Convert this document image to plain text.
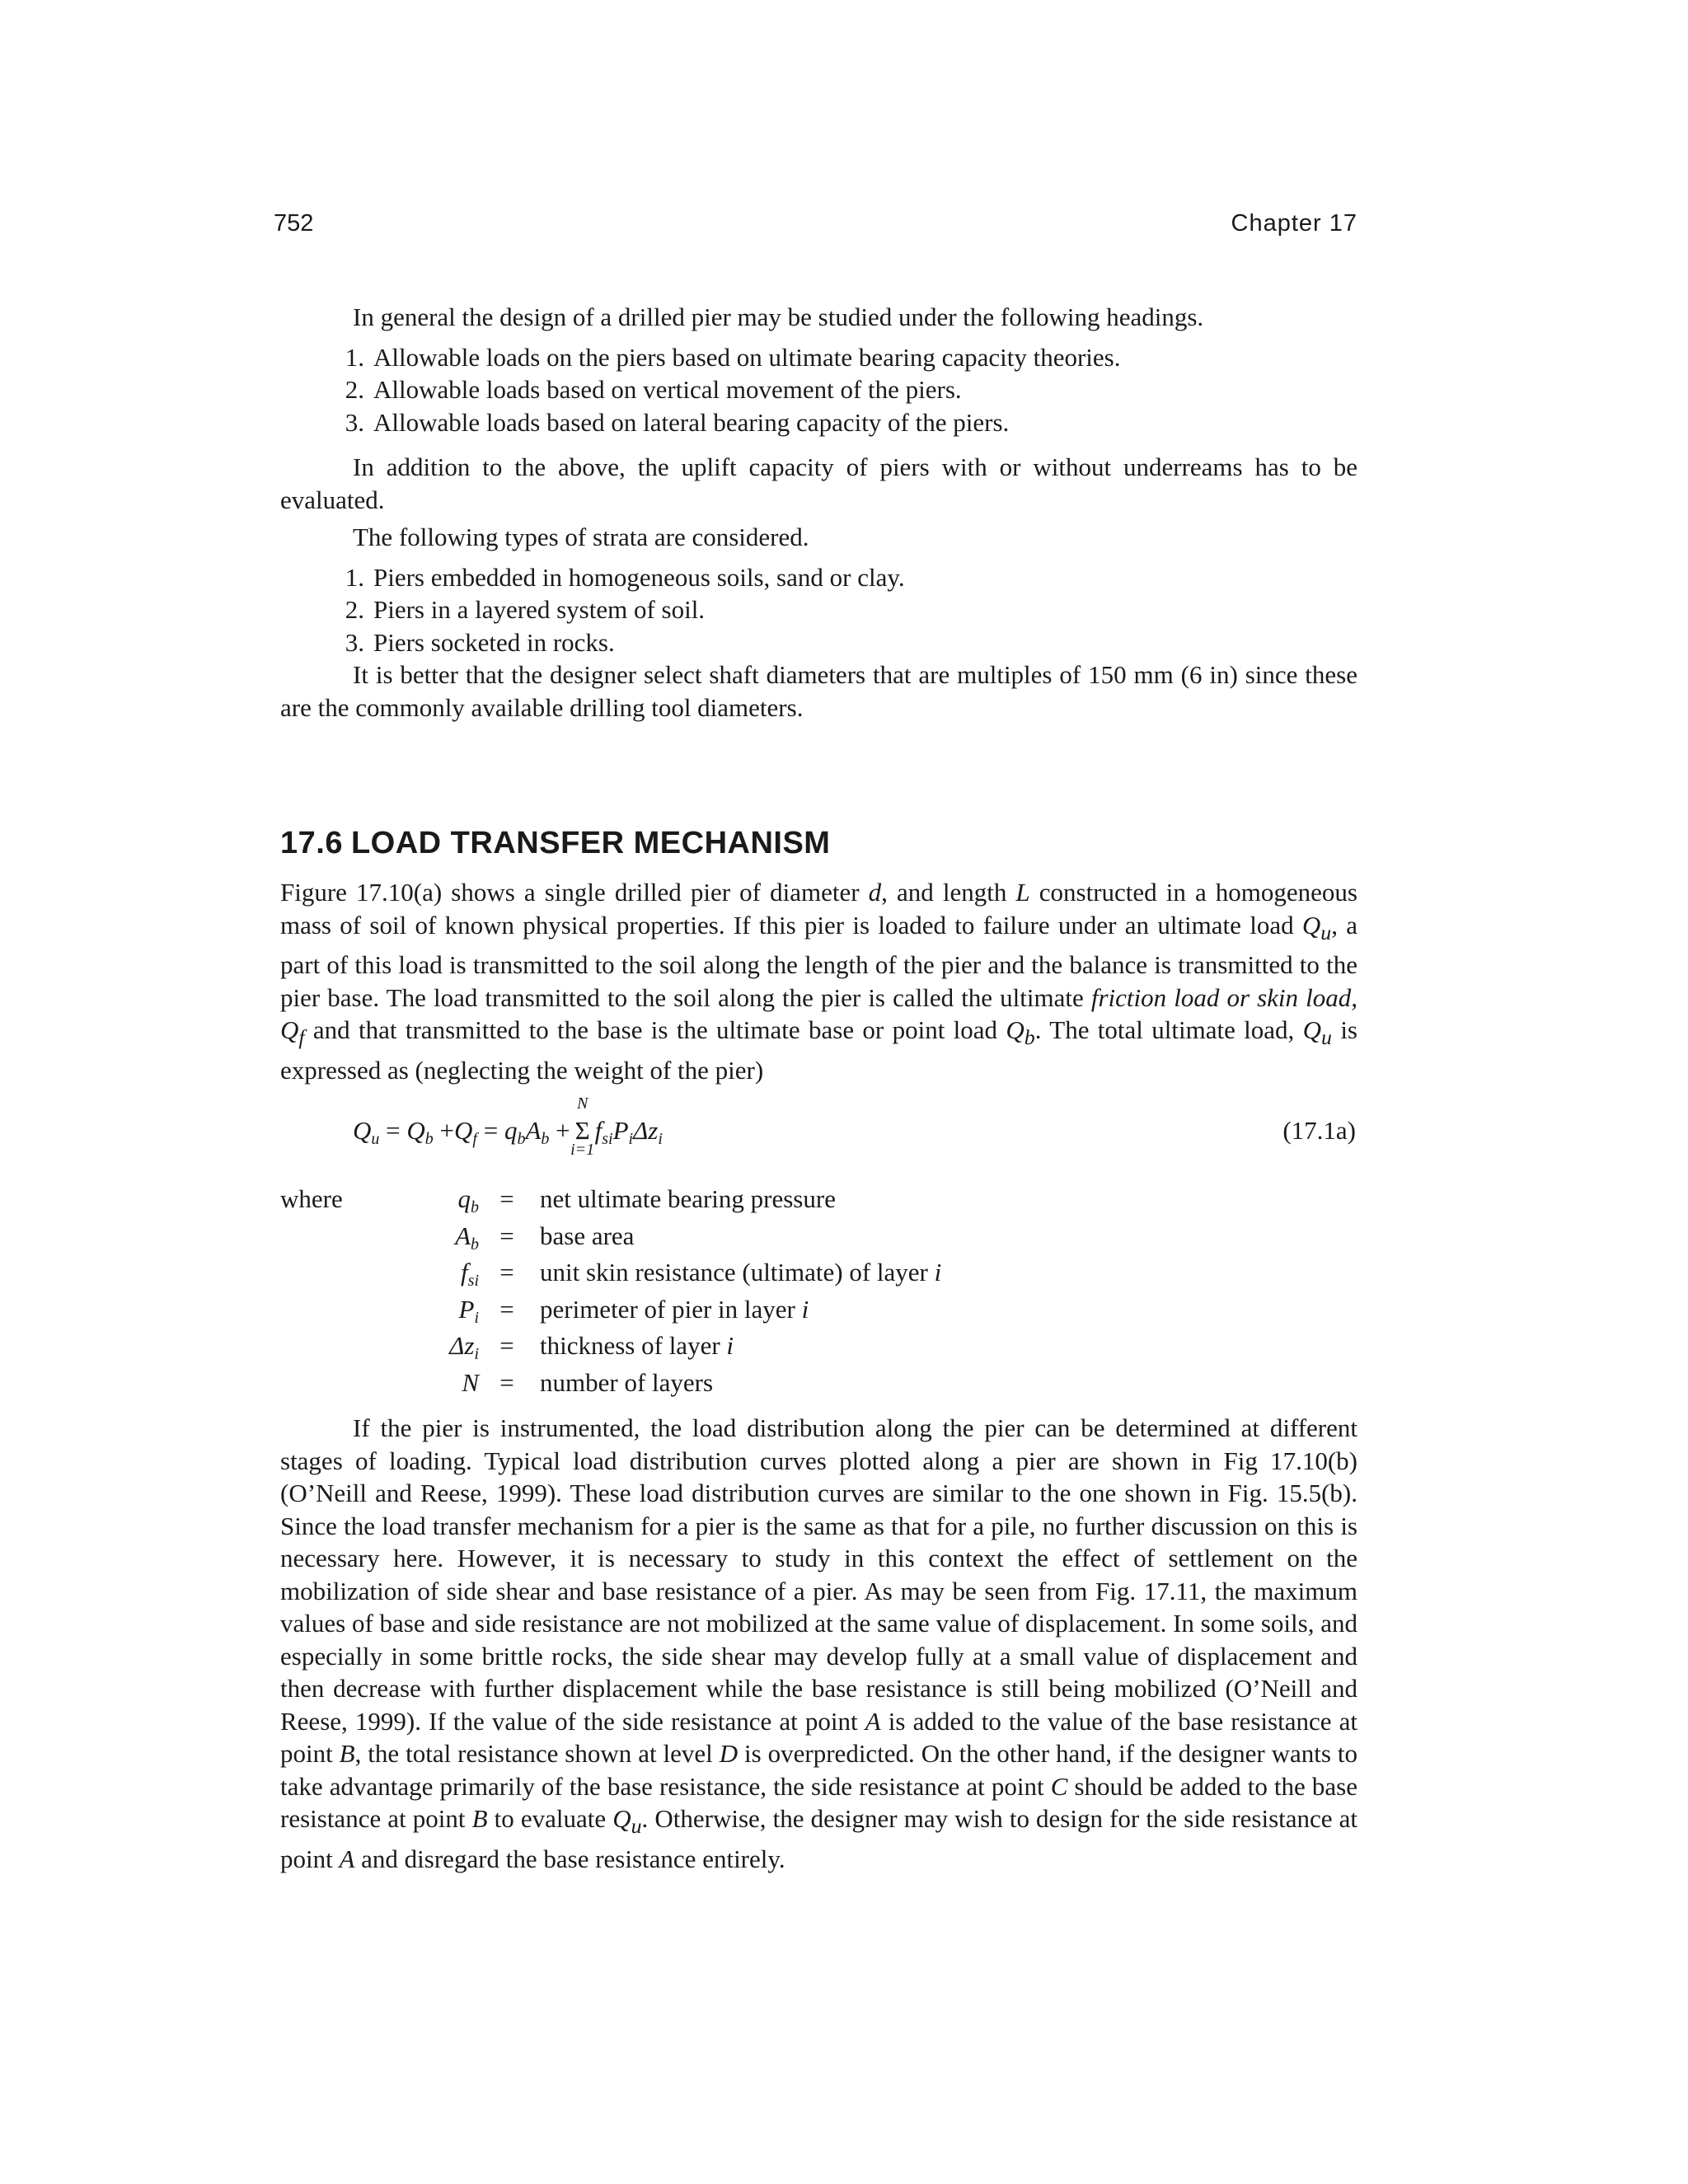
752	Chapter 17

In general the design of a drilled pier may be studied under the following headings.

1. Allowable loads on the piers based on ultimate bearing capacity theories.
2. Allowable loads based on vertical movement of the piers.
3. Allowable loads based on lateral bearing capacity of the piers.

In addition to the above, the uplift capacity of piers with or without underreams has to be evaluated.

The following types of strata are considered.

1. Piers embedded in homogeneous soils, sand or clay.
2. Piers in a layered system of soil.
3. Piers socketed in rocks.

It is better that the designer select shaft diameters that are multiples of 150 mm (6 in) since these are the commonly available drilling tool diameters.

17.6 LOAD TRANSFER MECHANISM

Figure 17.10(a) shows a single drilled pier of diameter d, and length L constructed in a homogeneous mass of soil of known physical properties. If this pier is loaded to failure under an ultimate load $Q_u$, a part of this load is transmitted to the soil along the length of the pier and the balance is transmitted to the pier base. The load transmitted to the soil along the pier is called the ultimate friction load or skin load, $Q_f$ and that transmitted to the base is the ultimate base or point load $Q_b$. The total ultimate load, $Q_u$ is expressed as (neglecting the weight of the pier)

$Q_u = Q_b +Q_f = q_bA_b$ +
N
Σ
i=1
$f_{si}P_i\Delta z_i$	(17.1a)
where	$q_b$ = net ultimate bearing pressure
$A_b$ = base area
$f_{si}$ = unit skin resistance (ultimate) of layer i
$P_i$ = perimeter of pier in layer i
$\Delta z_i$ = thickness of layer i
N = number of layers

If the pier is instrumented, the load distribution along the pier can be determined at different stages of loading. Typical load distribution curves plotted along a pier are shown in Fig 17.10(b) (O’Neill and Reese, 1999). These load distribution curves are similar to the one shown in Fig. 15.5(b). Since the load transfer mechanism for a pier is the same as that for a pile, no further discussion on this is necessary here. However, it is necessary to study in this context the effect of settlement on the mobilization of side shear and base resistance of a pier. As may be seen from Fig. 17.11, the maximum values of base and side resistance are not mobilized at the same value of displacement. In some soils, and especially in some brittle rocks, the side shear may develop fully at a small value of displacement and then decrease with further displacement while the base resistance is still being mobilized (O’Neill and Reese, 1999). If the value of the side resistance at point A is added to the value of the base resistance at point B, the total resistance shown at level D is overpredicted. On the other hand, if the designer wants to take advantage primarily of the base resistance, the side resistance at point C should be added to the base resistance at point B to evaluate $Q_u$. Otherwise, the designer may wish to design for the side resistance at point A and disregard the base resistance entirely.
